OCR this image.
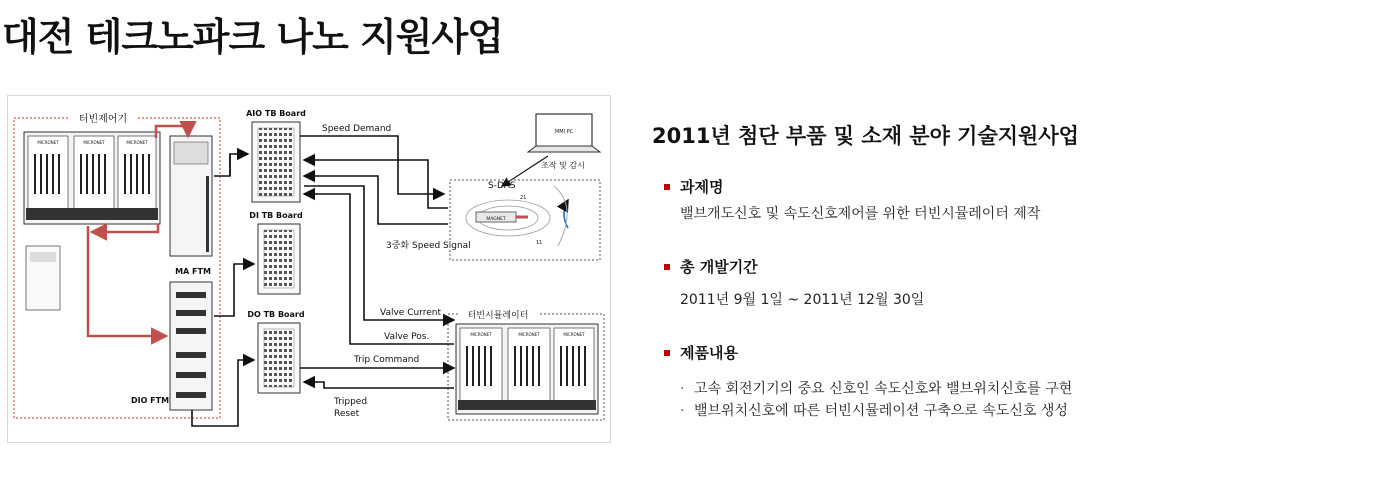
대전 테크노파크 나노 지원사업
터빈제어기
MICRONET	MICRONET	MICRONET
MA FTM
DIO FTM
AIO TB Board
DI TB Board
DO TB Board
Speed Demand
3중화 Speed Signal
MMI PC
조작 및 감시
S-DAS
MAGNET
21
11
터빈시뮬레이터
MICRONET	MICRONET	MICRONET
Valve Current
Valve Pos.
Trip Command
Tripped
Reset
2011년 첨단 부품 및 소재 분야 기술지원사업
과제명
밸브개도신호 및 속도신호제어를 위한 터빈시뮬레이터 제작
총 개발기간
2011년 9월 1일 ~ 2011년 12월 30일
제품내용
· 고속 회전기기의 중요 신호인 속도신호와 밸브위치신호를 구현
· 밸브위치신호에 따른 터빈시뮬레이션 구축으로 속도신호 생성
